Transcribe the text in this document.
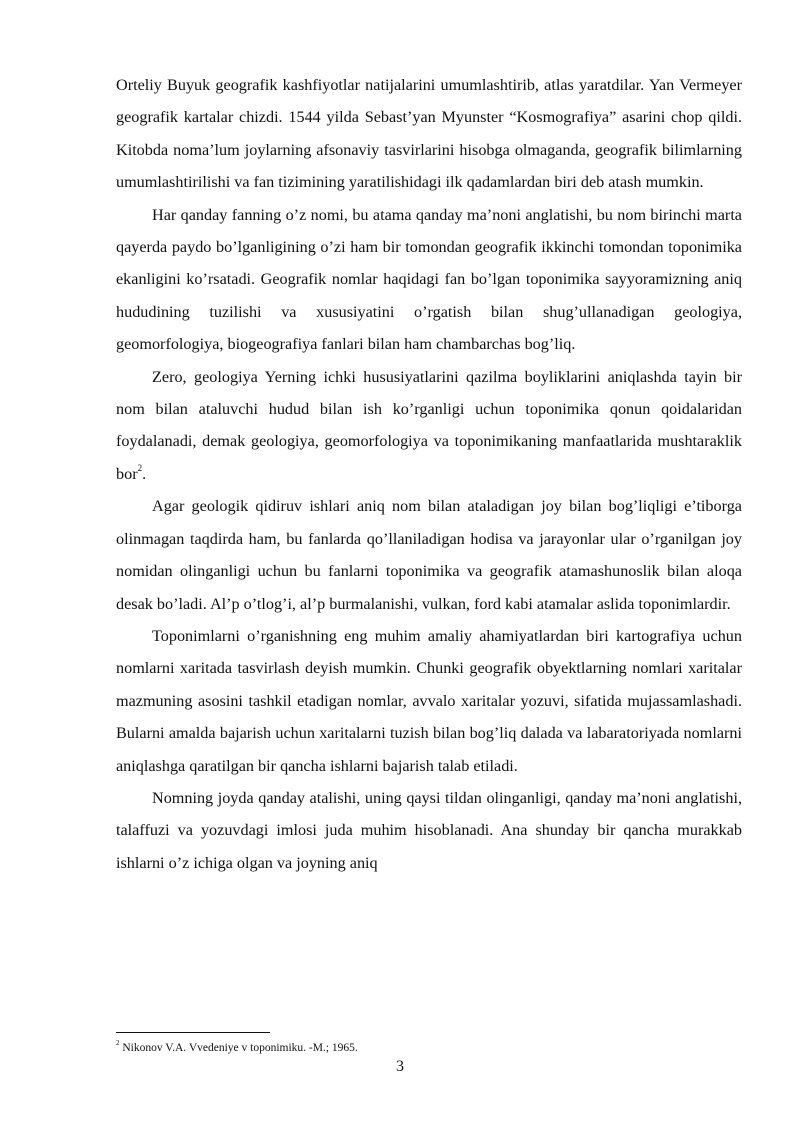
Orteliy Buyuk geografik kashfiyotlar natijalarini umumlashtirib, atlas yaratdilar. Yan Vermeyer geografik kartalar chizdi. 1544 yilda Sebast’yan Myunster “Kosmografiya” asarini chop qildi. Kitobda noma’lum joylarning afsonaviy tasvirlarini hisobga olmaganda, geografik bilimlarning umumlashtirilishi va fan tizimining yaratilishidagi ilk qadamlardan biri deb atash mumkin.

Har qanday fanning o’z nomi, bu atama qanday ma’noni anglatishi, bu nom birinchi marta qayerda paydo bo’lganligining o’zi ham bir tomondan geografik ikkinchi tomondan toponimika ekanligini ko’rsatadi. Geografik nomlar haqidagi fan bo’lgan toponimika sayyoramizning aniq hududining tuzilishi va xususiyatini o’rgatish bilan shug’ullanadigan geologiya, geomorfologiya, biogeografiya fanlari bilan ham chambarchas bog’liq.

Zero, geologiya Yerning ichki hususiyatlarini qazilma boyliklarini aniqlashda tayin bir nom bilan ataluvchi hudud bilan ish ko’rganligi uchun toponimika qonun qoidalaridan foydalanadi, demak geologiya, geomorfologiya va toponimikaning manfaatlarida mushtaraklik bor$^2$.

Agar geologik qidiruv ishlari aniq nom bilan ataladigan joy bilan bog’liqligi e’tiborga olinmagan taqdirda ham, bu fanlarda qo’llaniladigan hodisa va jarayonlar ular o’rganilgan joy nomidan olinganligi uchun bu fanlarni toponimika va geografik atamashunoslik bilan aloqa desak bo’ladi. Al’p o’tlog’i, al’p burmalanishi, vulkan, ford kabi atamalar aslida toponimlardir.

Toponimlarni o’rganishning eng muhim amaliy ahamiyatlardan biri kartografiya uchun nomlarni xaritada tasvirlash deyish mumkin. Chunki geografik obyektlarning nomlari xaritalar mazmuning asosini tashkil etadigan nomlar, avvalo xaritalar yozuvi, sifatida mujassamlashadi. Bularni amalda bajarish uchun xaritalarni tuzish bilan bog’liq dalada va labaratoriyada nomlarni aniqlashga qaratilgan bir qancha ishlarni bajarish talab etiladi.

Nomning joyda qanday atalishi, uning qaysi tildan olinganligi, qanday ma’noni anglatishi, talaffuzi va yozuvdagi imlosi juda muhim hisoblanadi. Ana shunday bir qancha murakkab ishlarni o’z ichiga olgan va joyning aniq

$^2$ Nikonov V.A. Vvedeniye v toponimiku. -M.; 1965.
3
